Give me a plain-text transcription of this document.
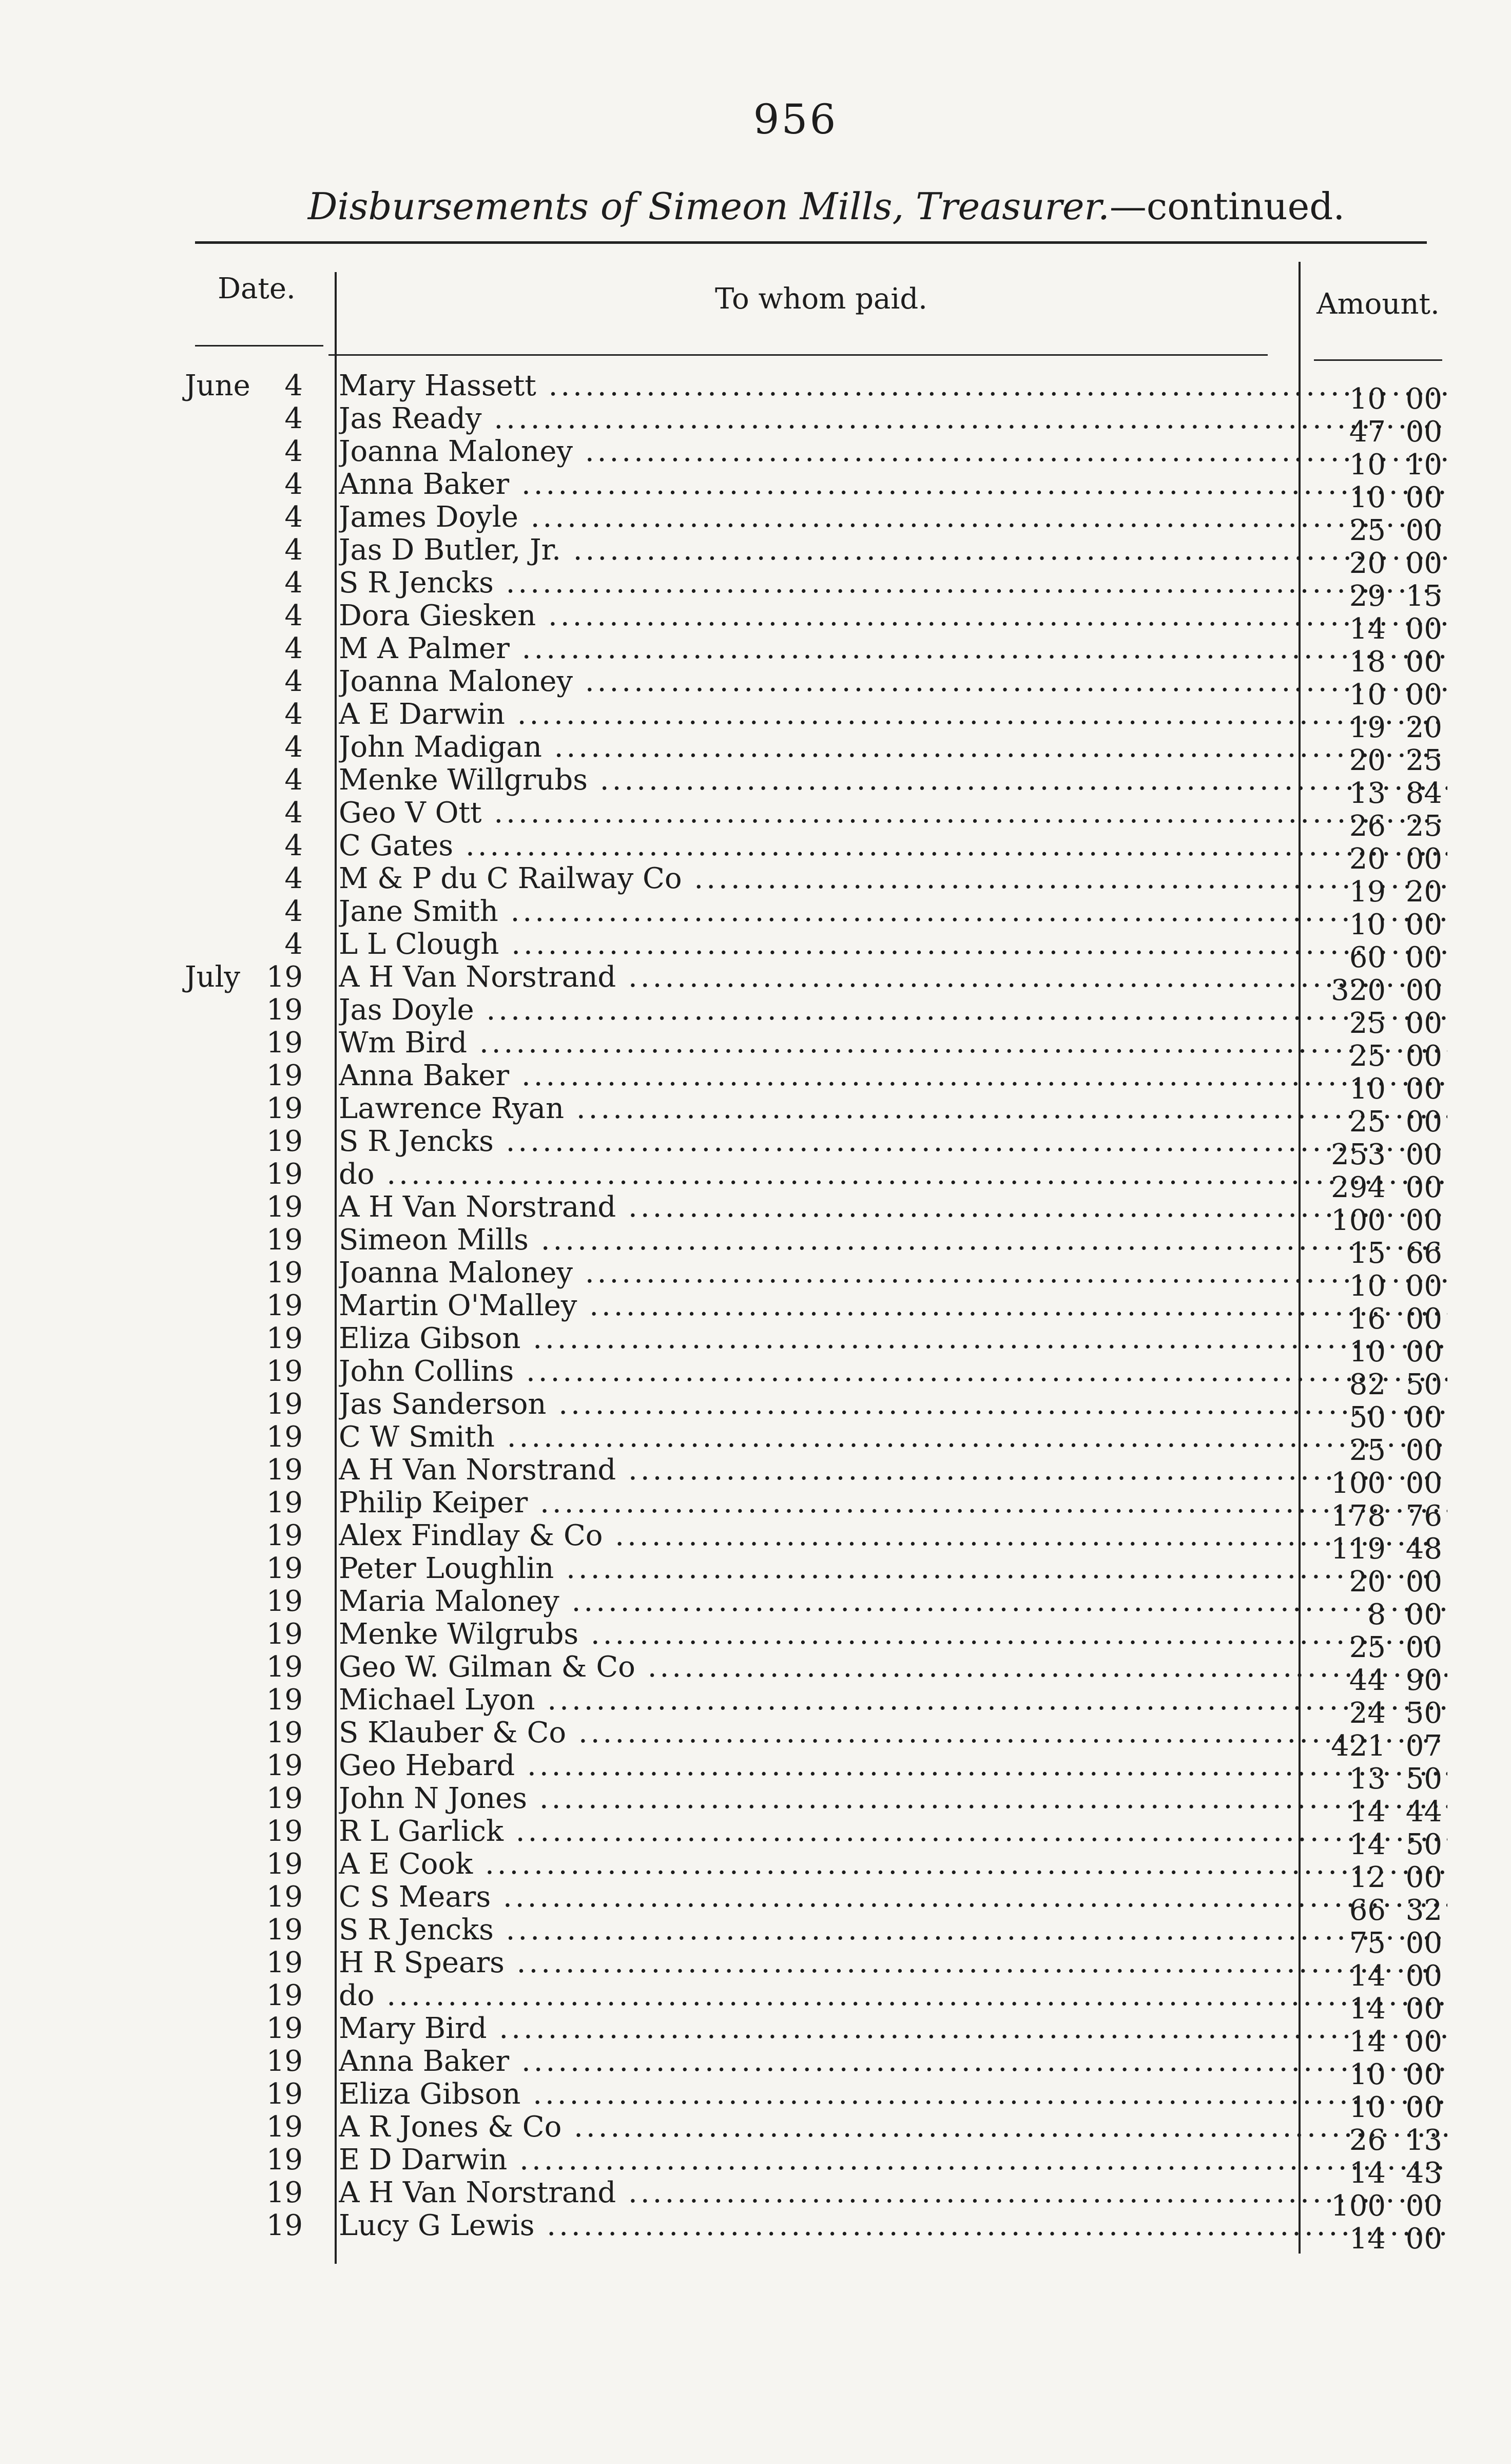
956
Disbursements of Simeon Mills, Treasurer.—continued.
Date.	To whom paid.	Amount.
June 4 Mary Hassett .....	10 00
4 Jas Ready .....	47 00
4 Joanna Maloney .....	10 10
4 Anna Baker .....	10 00
4 James Doyle .....	25 00
4 Jas D Butler, Jr. .....	20 00
4 S R Jencks .....	29 15
4 Dora Giesken .....	14 00
4 M A Palmer .....	18 00
4 Joanna Maloney .....	10 00
4 A E Darwin .....	19 20
4 John Madigan .....	20 25
4 Menke Willgrubs .....	13 84
4 Geo V Ott .....	26 25
4 C Gates .....	20 00
4 M & P du C Railway Co .....	19 20
4 Jane Smith .....	10 00
4 L L Clough .....	60 00
July 19 A H Van Norstrand .....	320 00
19 Jas Doyle .....	25 00
19 Wm Bird .....	25 00
19 Anna Baker .....	10 00
19 Lawrence Ryan .....	25 00
19 S R Jencks .....	253 00
19 do .....	294 00
19 A H Van Norstrand .....	100 00
19 Simeon Mills .....	15 66
19 Joanna Maloney .....	10 00
19 Martin O'Malley .....	16 00
19 Eliza Gibson .....	10 00
19 John Collins .....	82 50
19 Jas Sanderson .....	50 00
19 C W Smith .....	25 00
19 A H Van Norstrand .....	100 00
19 Philip Keiper .....	178 76
19 Alex Findlay & Co .....	119 48
19 Peter Loughlin .....	20 00
19 Maria Maloney .....	8 00
19 Menke Wilgrubs .....	25 00
19 Geo W. Gilman & Co .....	44 90
19 Michael Lyon .....	24 50
19 S Klauber & Co .....	421 07
19 Geo Hebard .....	13 50
19 John N Jones .....	14 44
19 R L Garlick .....	14 50
19 A E Cook .....	12 00
19 C S Mears .....	66 32
19 S R Jencks .....	75 00
19 H R Spears .....	14 00
19 do .....	14 00
19 Mary Bird .....	14 00
19 Anna Baker .....	10 00
19 Eliza Gibson .....	10 00
19 A R Jones & Co .....	26 13
19 E D Darwin .....	14 43
19 A H Van Norstrand .....	100 00
19 Lucy G Lewis .....	14 00
